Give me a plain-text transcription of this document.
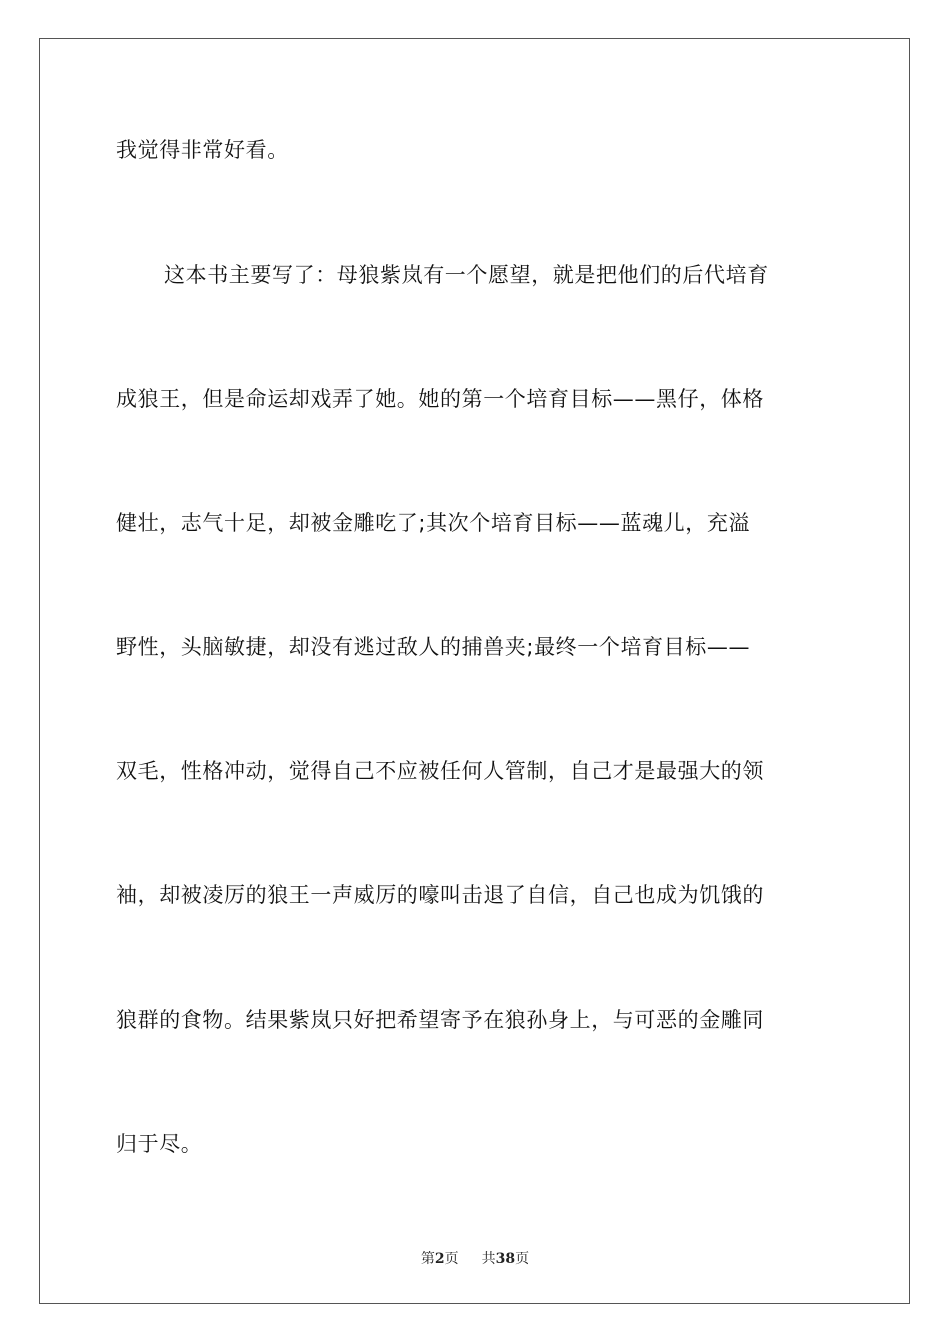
我觉得非常好看。
这本书主要写了：母狼紫岚有一个愿望，就是把他们的后代培育
成狼王，但是命运却戏弄了她。她的第一个培育目标——黑仔，体格
健壮，志气十足，却被金雕吃了;其次个培育目标——蓝魂儿，充溢
野性，头脑敏捷，却没有逃过敌人的捕兽夹;最终一个培育目标——
双毛，性格冲动，觉得自己不应被任何人管制，自己才是最强大的领
袖，却被凌厉的狼王一声威厉的嚎叫击退了自信，自己也成为饥饿的
狼群的食物。结果紫岚只好把希望寄予在狼孙身上，与可恶的金雕同
归于尽。
第2页 共38页
